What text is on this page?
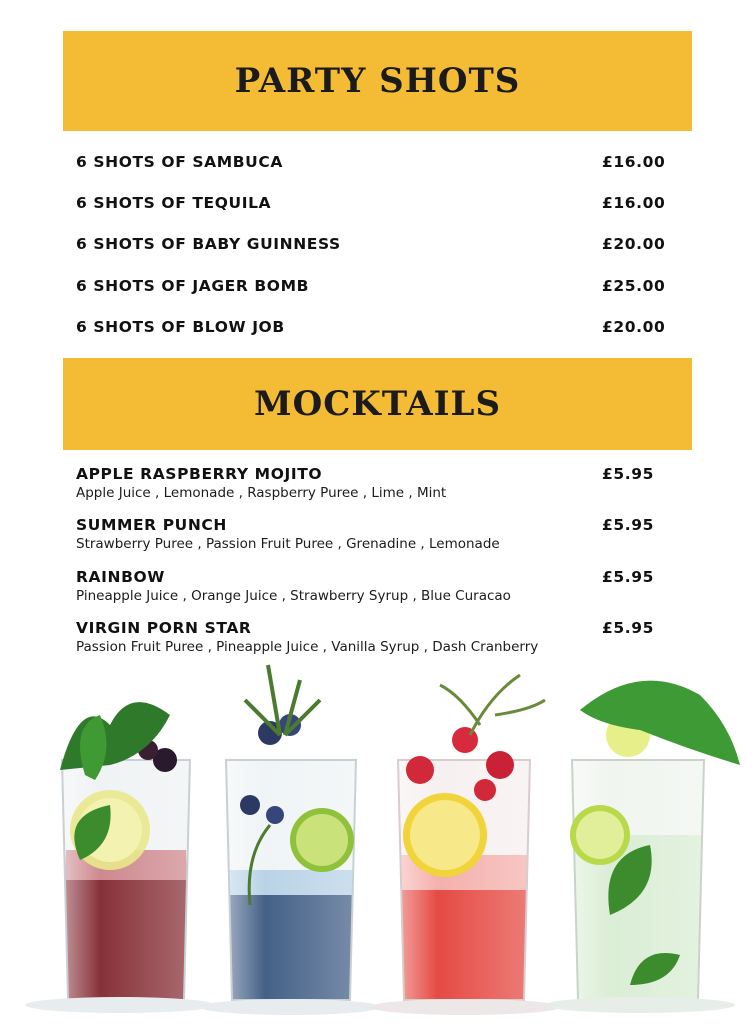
PARTY SHOTS
6 SHOTS OF SAMBUCA	£16.00
6 SHOTS OF TEQUILA	£16.00
6 SHOTS OF BABY GUINNESS	£20.00
6 SHOTS OF JAGER BOMB	£25.00
6 SHOTS OF BLOW JOB	£20.00
MOCKTAILS
APPLE RASPBERRY MOJITO
Apple Juice , Lemonade , Raspberry Puree , Lime , Mint
£5.95
SUMMER PUNCH
Strawberry Puree , Passion Fruit Puree , Grenadine , Lemonade
£5.95
RAINBOW
Pineapple Juice , Orange Juice , Strawberry Syrup , Blue Curacao
£5.95
VIRGIN PORN STAR
Passion Fruit Puree , Pineapple Juice , Vanilla Syrup , Dash Cranberry
£5.95
